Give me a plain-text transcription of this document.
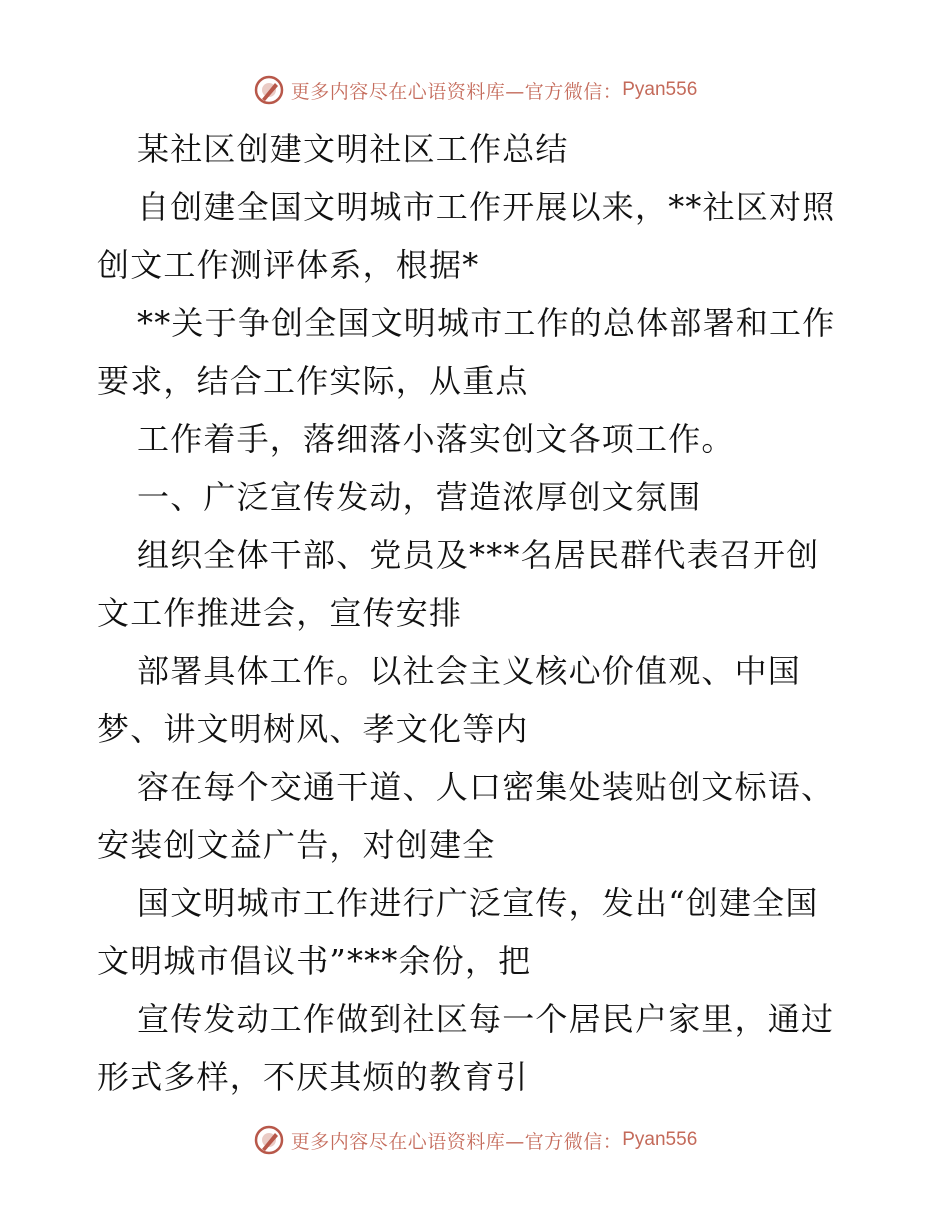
更多内容尽在心语资料库—官方微信： Pyan556
某社区创建文明社区工作总结
自创建全国文明城市工作开展以来，**社区对照
创文工作测评体系，根据*
**关于争创全国文明城市工作的总体部署和工作
要求，结合工作实际，从重点
工作着手，落细落小落实创文各项工作。
一、广泛宣传发动，营造浓厚创文氛围
组织全体干部、党员及***名居民群代表召开创
文工作推进会，宣传安排
部署具体工作。以社会主义核心价值观、中国
梦、讲文明树风、孝文化等内
容在每个交通干道、人口密集处装贴创文标语、
安装创文益广告，对创建全
国文明城市工作进行广泛宣传，发出“创建全国
文明城市倡议书”***余份，把
宣传发动工作做到社区每一个居民户家里，通过
形式多样，不厌其烦的教育引
更多内容尽在心语资料库—官方微信： Pyan556
